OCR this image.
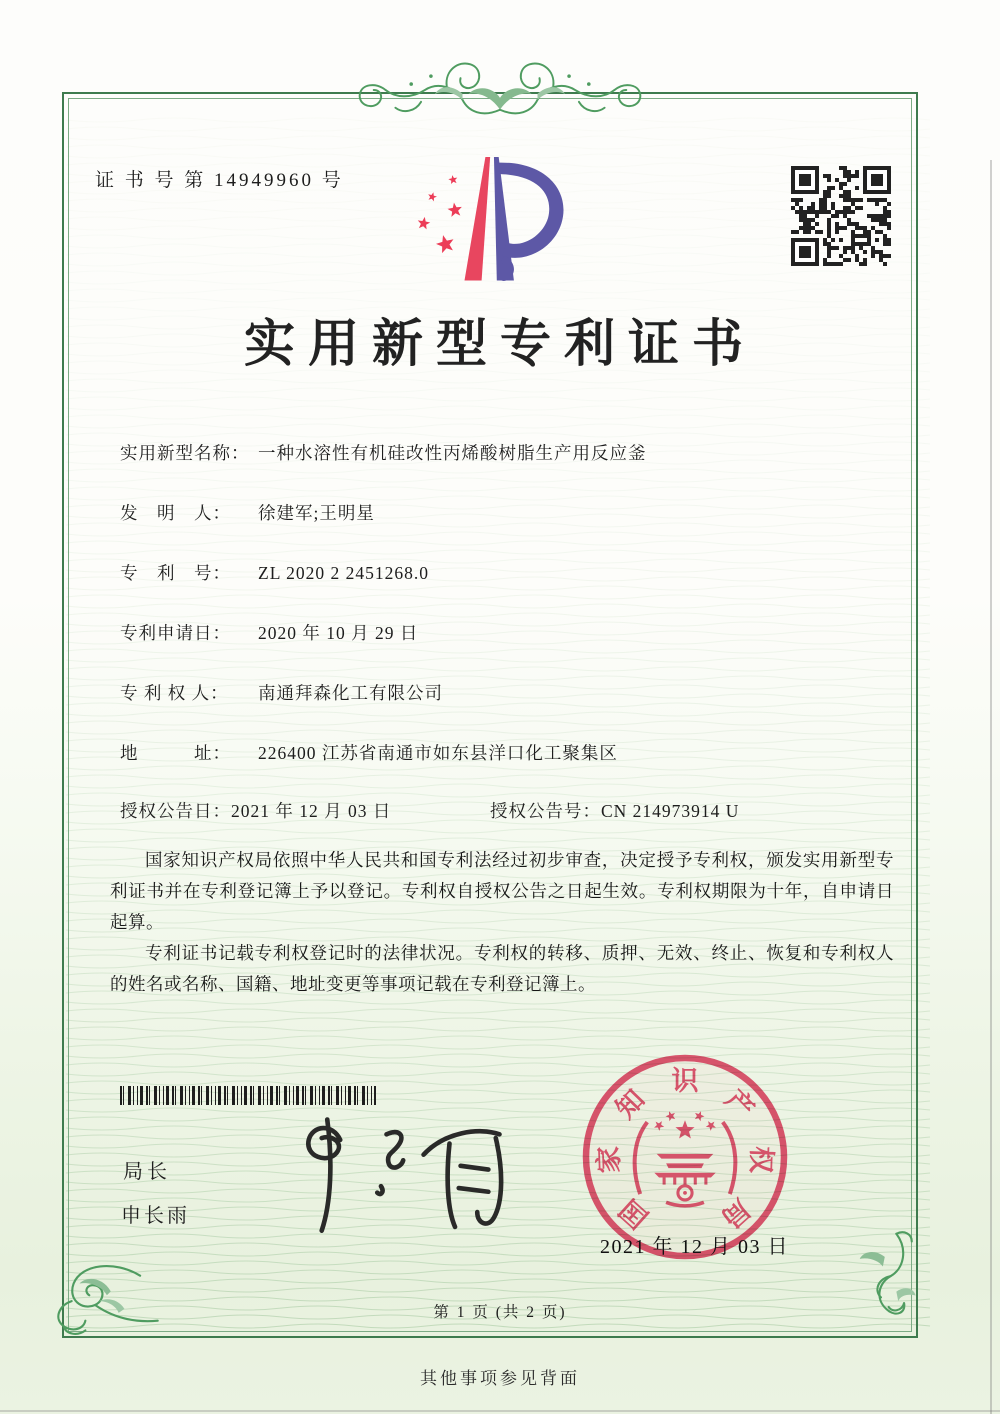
证 书 号 第 14949960 号
实用新型专利证书
实用新型名称： 一种水溶性有机硅改性丙烯酸树脂生产用反应釜
发　明　人： 徐建军;王明星
专　利　号： ZL 2020 2 2451268.0
专利申请日： 2020 年 10 月 29 日
专 利 权 人： 南通拜森化工有限公司
地　　　址： 226400 江苏省南通市如东县洋口化工聚集区
授权公告日：2021 年 12 月 03 日	授权公告号：CN 214973914 U

国家知识产权局依照中华人民共和国专利法经过初步审查，决定授予专利权，颁发实用新型专利证书并在专利登记簿上予以登记。专利权自授权公告之日起生效。专利权期限为十年，自申请日起算。

专利证书记载专利权登记时的法律状况。专利权的转移、质押、无效、终止、恢复和专利权人的姓名或名称、国籍、地址变更等事项记载在专利登记簿上。

局长
申长雨	国
家
知
识
产
权
局
2021 年 12 月 03 日
第 1 页 (共 2 页)
其他事项参见背面
